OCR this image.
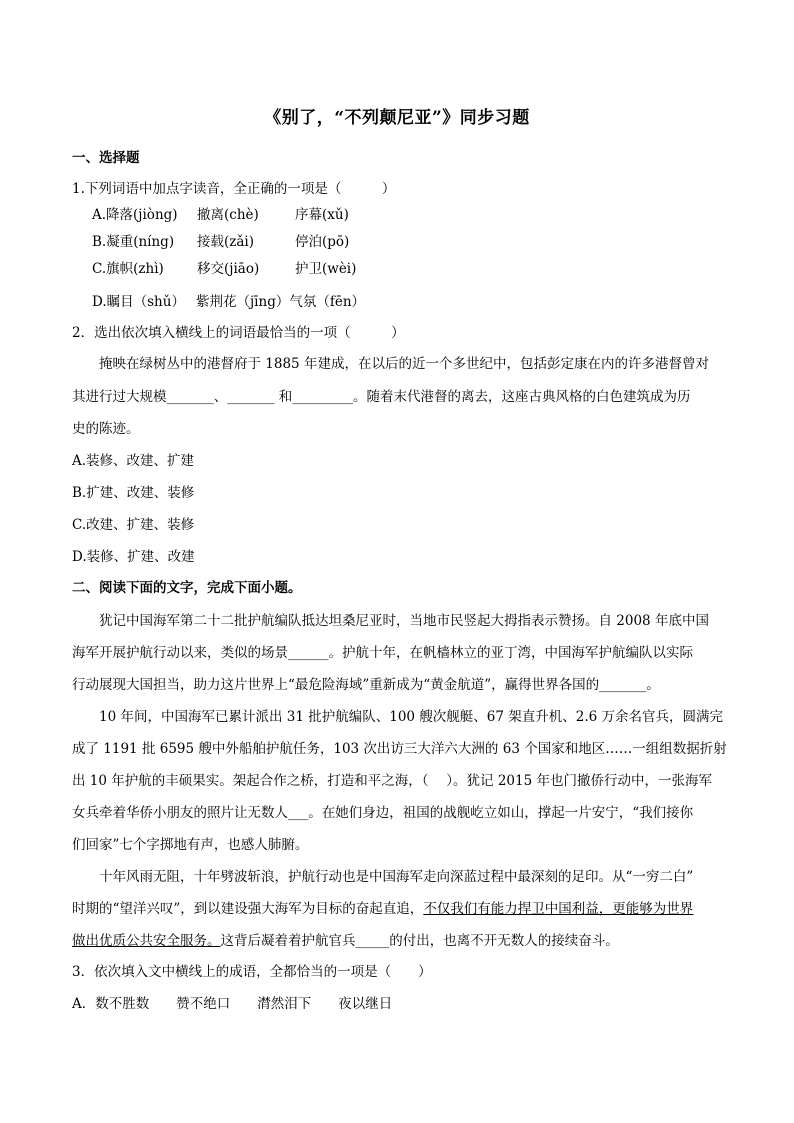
《别了，“不列颠尼亚”》同步习题
一、选择题
1.下列词语中加点字读音，全正确的一项是（　　　）
A.降落(jiòng) 撤离(chè)	序幕(xǔ)
B.凝重(níng) 接载(zǎi)	停泊(pō)
C.旗帜(zhì) 移交(jiāo)	护卫(wèi)
D.瞩目（shǔ）　 紫荆花（jīng）气氛（fēn）
2．选出依次填入横线上的词语最恰当的一项（　　　）
　　掩映在绿树丛中的港督府于 1885 年建成，在以后的近一个多世纪中，包括彭定康在内的许多港督曾对
其进行过大规模_______、_______ 和_________。随着末代港督的离去，这座古典风格的白色建筑成为历
史的陈迹。
A.装修、改建、扩建
B.扩建、改建、装修
C.改建、扩建、装修
D.装修、扩建、改建
二、阅读下面的文字，完成下面小题。
　　犹记中国海军第二十二批护航编队抵达坦桑尼亚时，当地市民竖起大拇指表示赞扬。自 2008 年底中国
海军开展护航行动以来，类似的场景______。护航十年，在帆樯林立的亚丁湾，中国海军护航编队以实际
行动展现大国担当，助力这片世界上“最危险海域”重新成为“黄金航道”，赢得世界各国的_______。
　　10 年间，中国海军已累计派出 31 批护航编队、100 艘次舰艇、67 架直升机、2.6 万余名官兵，圆满完
成了 1191 批 6595 艘中外船舶护航任务，103 次出访三大洋六大洲的 63 个国家和地区……一组组数据折射
出 10 年护航的丰硕果实。架起合作之桥，打造和平之海，（　 ）。犹记 2015 年也门撤侨行动中，一张海军
女兵牵着华侨小朋友的照片让无数人___。在她们身边，祖国的战舰屹立如山，撑起一片安宁，“我们接你
们回家”七个字掷地有声，也感人肺腑。
　　十年风雨无阻，十年劈波斩浪，护航行动也是中国海军走向深蓝过程中最深刻的足印。从“一穷二白”
时期的“望洋兴叹”，到以建设强大海军为目标的奋起直追，不仅我们有能力捍卫中国利益，更能够为世界
做出优质公共安全服务。这背后凝着着护航官兵_____的付出，也离不开无数人的接续奋斗。
3．依次填入文中横线上的成语，全都恰当的一项是（　　）
A．数不胜数　　赞不绝口　　潸然泪下　　夜以继日
